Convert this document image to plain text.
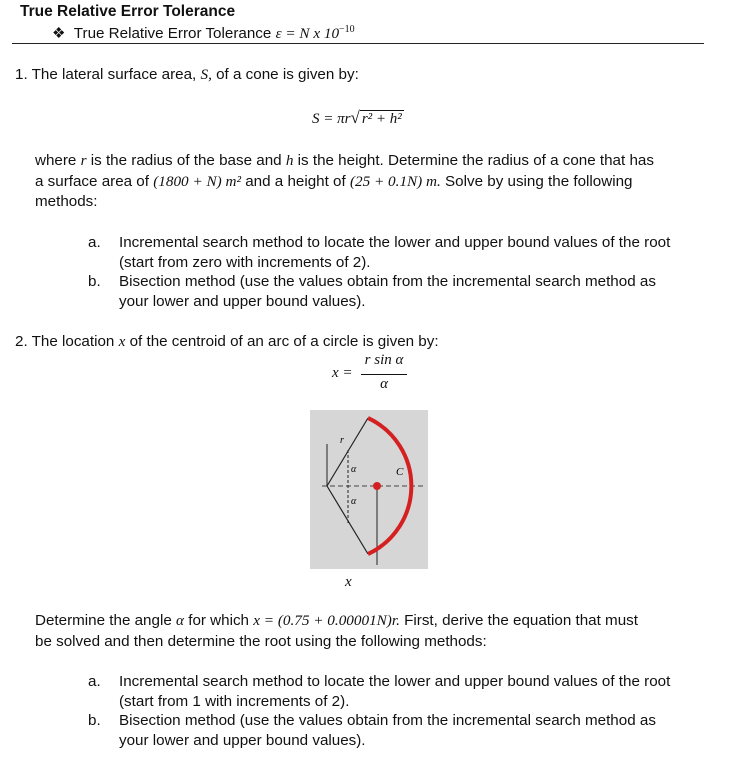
True Relative Error Tolerance
❖ True Relative Error Tolerance ε = N x $10^{-10}$
1. The lateral surface area, S, of a cone is given by:
S = πr√ r² + h²
where r is the radius of the base and h is the height. Determine the radius of a cone that has
a surface area of (1800 + N) m² and a height of (25 + 0.1N) m. Solve by using the following
methods:
a.	Incremental search method to locate the lower and upper bound values of the root
(start from zero with increments of 2).
b.	Bisection method (use the values obtain from the incremental search method as
your lower and upper bound values).
2. The location x of the centroid of an arc of a circle is given by:
x =
r sin α
α
r
α
α
C
x
Determine the angle α for which x = (0.75 + 0.00001N)r. First, derive the equation that must
be solved and then determine the root using the following methods:
a.	Incremental search method to locate the lower and upper bound values of the root
(start from 1 with increments of 2).
b.	Bisection method (use the values obtain from the incremental search method as
your lower and upper bound values).
